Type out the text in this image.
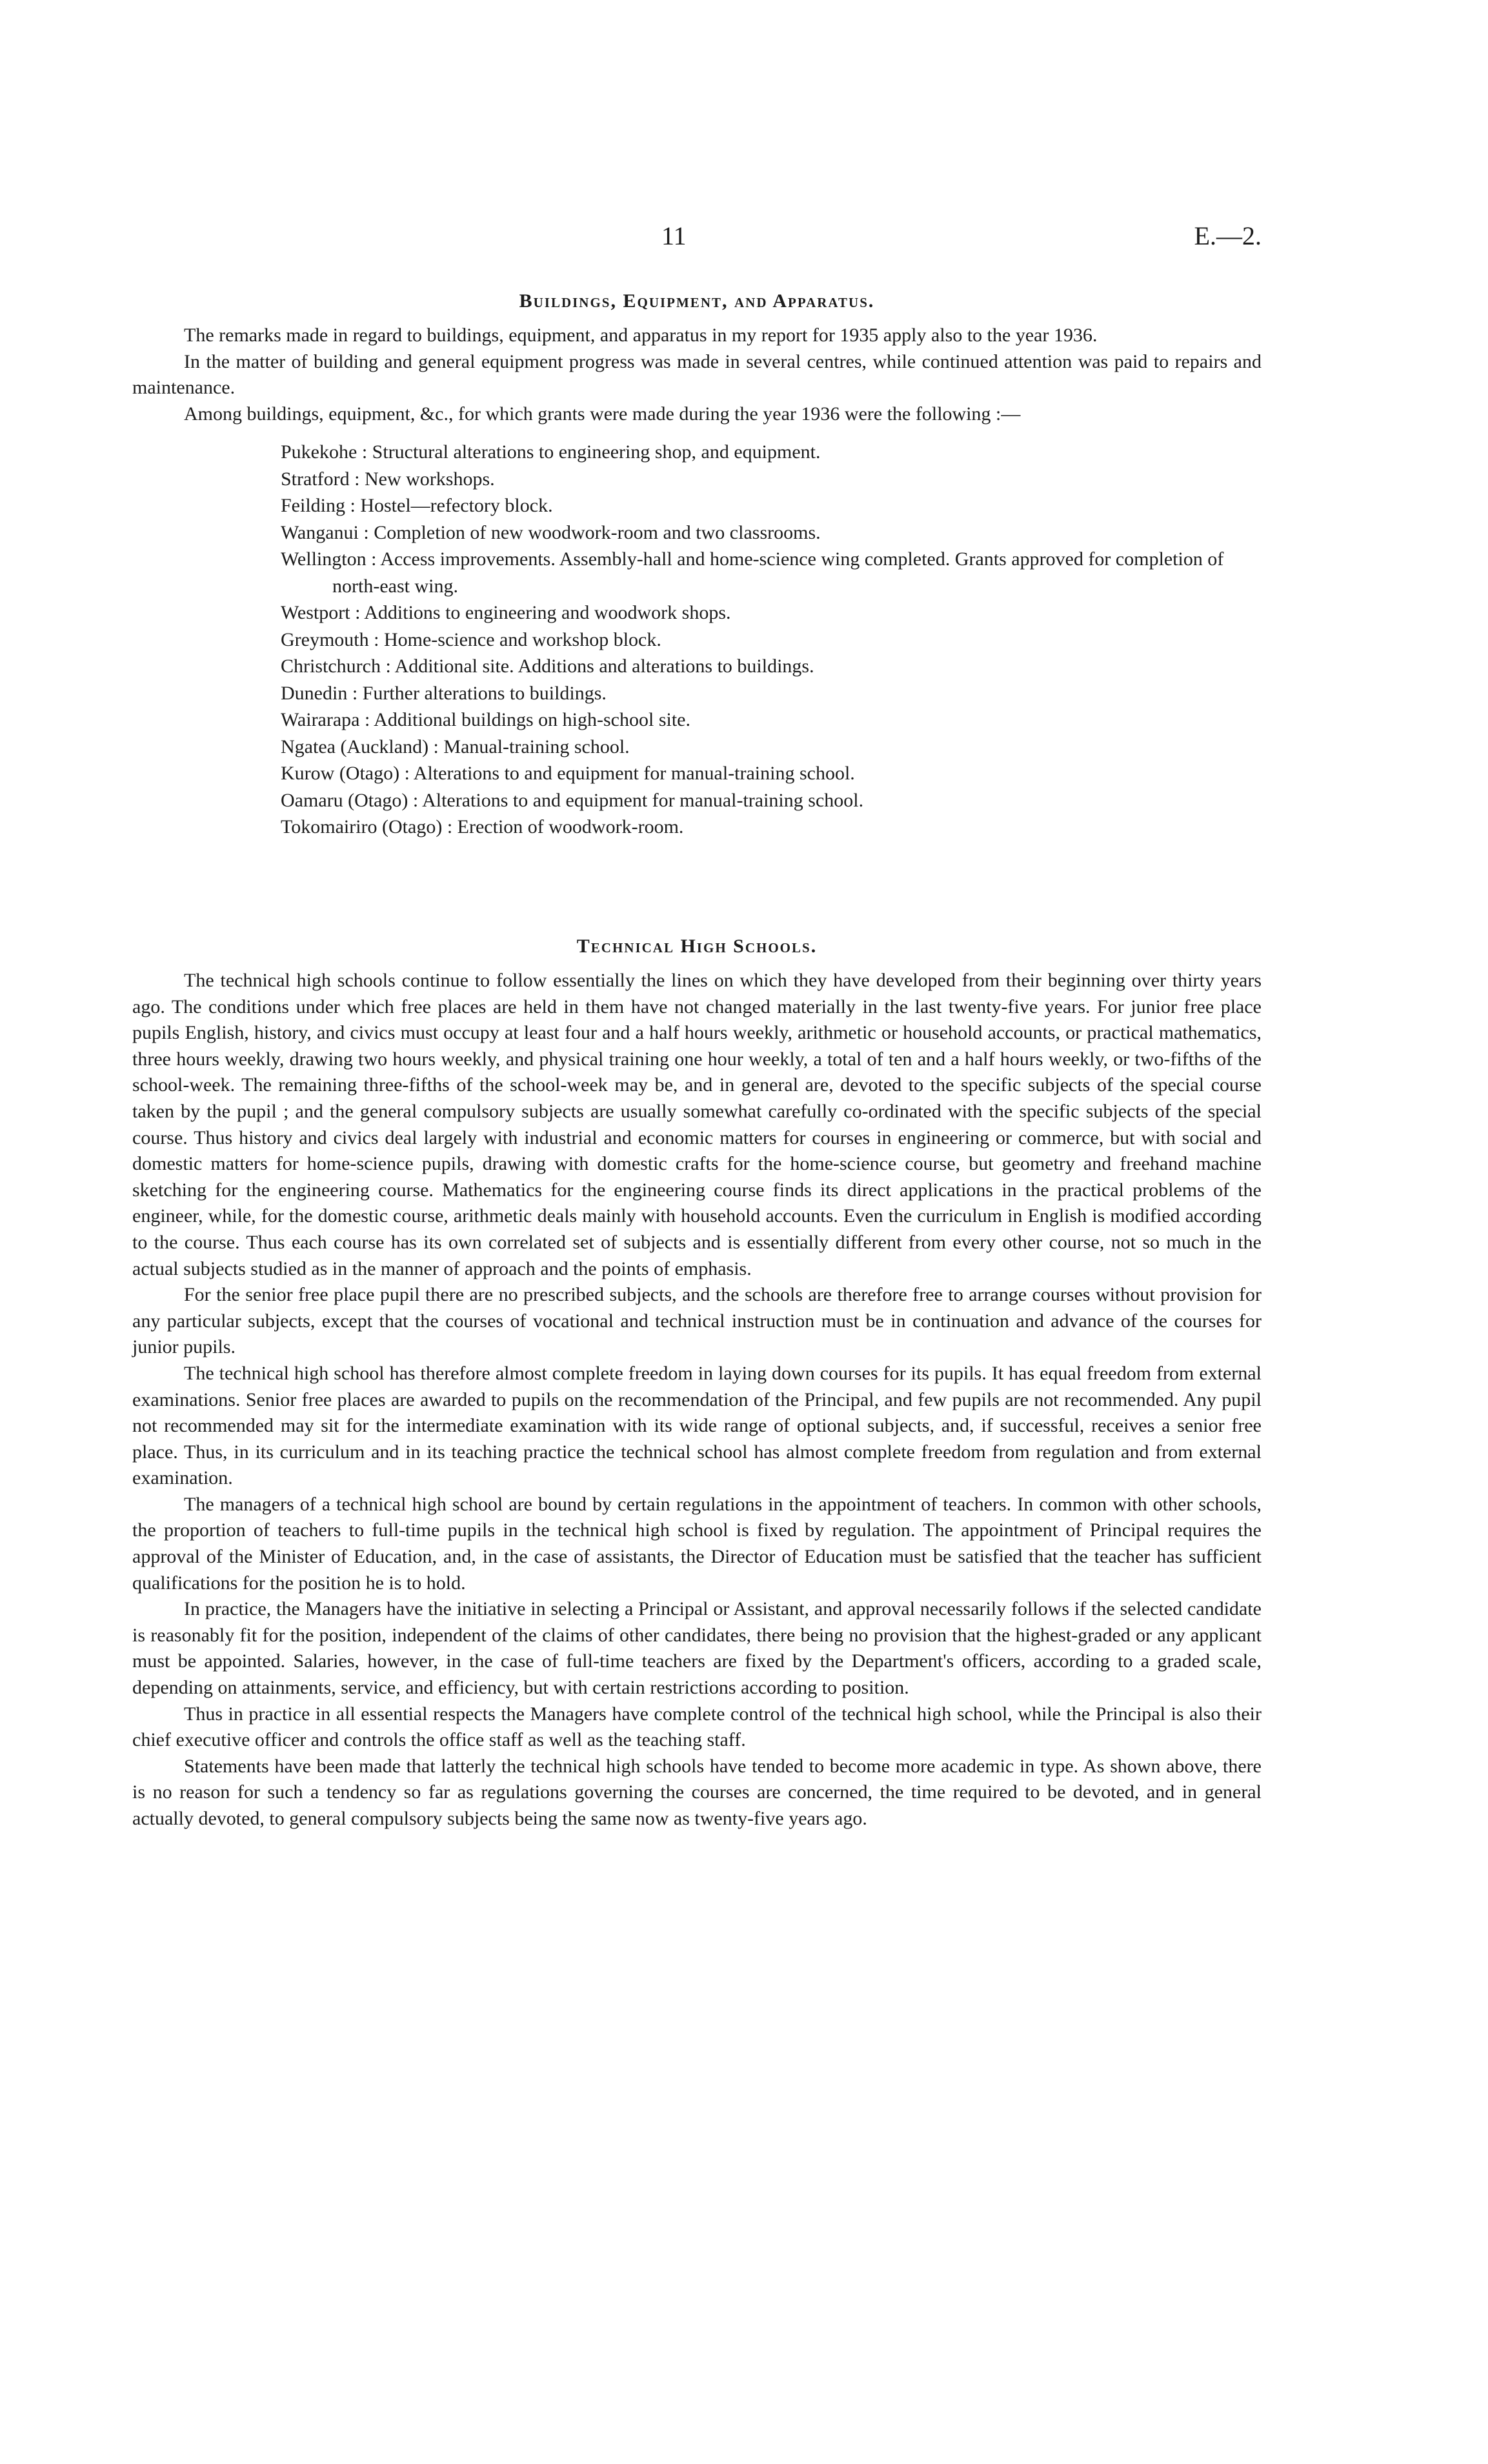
11	E.—2.
Buildings, Equipment, and Apparatus.

The remarks made in regard to buildings, equipment, and apparatus in my report for 1935 apply also to the year 1936.

In the matter of building and general equipment progress was made in several centres, while continued attention was paid to repairs and maintenance.

Among buildings, equipment, &c., for which grants were made during the year 1936 were the following :—

Pukekohe : Structural alterations to engineering shop, and equipment.
Stratford : New workshops.
Feilding : Hostel—refectory block.
Wanganui : Completion of new woodwork-room and two classrooms.
Wellington : Access improvements. Assembly-hall and home-science wing completed. Grants approved for completion of north-east wing.
Westport : Additions to engineering and woodwork shops.
Greymouth : Home-science and workshop block.
Christchurch : Additional site. Additions and alterations to buildings.
Dunedin : Further alterations to buildings.
Wairarapa : Additional buildings on high-school site.
Ngatea (Auckland) : Manual-training school.
Kurow (Otago) : Alterations to and equipment for manual-training school.
Oamaru (Otago) : Alterations to and equipment for manual-training school.
Tokomairiro (Otago) : Erection of woodwork-room.
Technical High Schools.

The technical high schools continue to follow essentially the lines on which they have developed from their beginning over thirty years ago. The conditions under which free places are held in them have not changed materially in the last twenty-five years. For junior free place pupils English, history, and civics must occupy at least four and a half hours weekly, arithmetic or household accounts, or practical mathematics, three hours weekly, drawing two hours weekly, and physical training one hour weekly, a total of ten and a half hours weekly, or two-fifths of the school-week. The remaining three-fifths of the school-week may be, and in general are, devoted to the specific subjects of the special course taken by the pupil ; and the general compulsory subjects are usually somewhat carefully co-ordinated with the specific subjects of the special course. Thus history and civics deal largely with industrial and economic matters for courses in engineering or commerce, but with social and domestic matters for home-science pupils, drawing with domestic crafts for the home-science course, but geometry and freehand machine sketching for the engineering course. Mathematics for the engineering course finds its direct applications in the practical problems of the engineer, while, for the domestic course, arithmetic deals mainly with household accounts. Even the curriculum in English is modified according to the course. Thus each course has its own correlated set of subjects and is essentially different from every other course, not so much in the actual subjects studied as in the manner of approach and the points of emphasis.

For the senior free place pupil there are no prescribed subjects, and the schools are therefore free to arrange courses without provision for any particular subjects, except that the courses of vocational and technical instruction must be in continuation and advance of the courses for junior pupils.

The technical high school has therefore almost complete freedom in laying down courses for its pupils. It has equal freedom from external examinations. Senior free places are awarded to pupils on the recommendation of the Principal, and few pupils are not recommended. Any pupil not recommended may sit for the intermediate examination with its wide range of optional subjects, and, if successful, receives a senior free place. Thus, in its curriculum and in its teaching practice the technical school has almost complete freedom from regulation and from external examination.

The managers of a technical high school are bound by certain regulations in the appointment of teachers. In common with other schools, the proportion of teachers to full-time pupils in the technical high school is fixed by regulation. The appointment of Principal requires the approval of the Minister of Education, and, in the case of assistants, the Director of Education must be satisfied that the teacher has sufficient qualifications for the position he is to hold.

In practice, the Managers have the initiative in selecting a Principal or Assistant, and approval necessarily follows if the selected candidate is reasonably fit for the position, independent of the claims of other candidates, there being no provision that the highest-graded or any applicant must be appointed. Salaries, however, in the case of full-time teachers are fixed by the Department's officers, according to a graded scale, depending on attainments, service, and efficiency, but with certain restrictions according to position.

Thus in practice in all essential respects the Managers have complete control of the technical high school, while the Principal is also their chief executive officer and controls the office staff as well as the teaching staff.

Statements have been made that latterly the technical high schools have tended to become more academic in type. As shown above, there is no reason for such a tendency so far as regulations governing the courses are concerned, the time required to be devoted, and in general actually devoted, to general compulsory subjects being the same now as twenty-five years ago.
